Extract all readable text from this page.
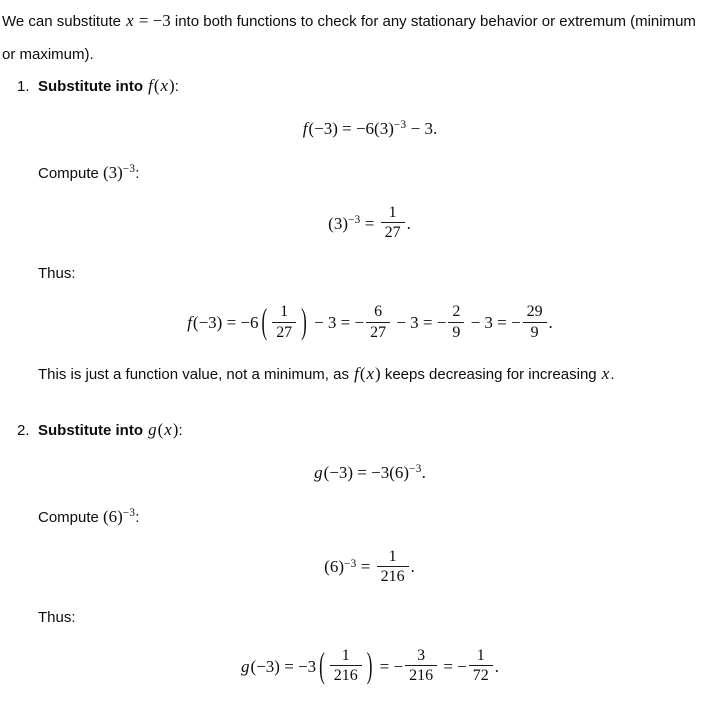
We can substitute x = −3 into both functions to check for any stationary behavior or extremum (minimum or maximum).

1. Substitute into f(x):
$f(-3) = -6(3)^{-3} - 3$.
Compute $(3)^{-3}$:
$(3)^{-3} = \frac{1}{27}$ .
Thus:
f(−3) = −6 ( $\frac{1}{27}$ ) − 3 = − $\frac{6}{27} - 3$ = − $\frac{2}{9} - 3$ = − $\frac{29}{9}$ .
This is just a function value, not a minimum, as f(x) keeps decreasing for increasing x.
2. Substitute into g(x):
$g(-3) = -3(6)^{-3}$.
Compute $(6)^{-3}$:
$(6)^{-3} = \frac{1}{216}$ .
Thus:
g(−3) = −3 ( $\frac{1}{216}$ ) = − $\frac{3}{216}$ = − $\frac{1}{72}$ .
